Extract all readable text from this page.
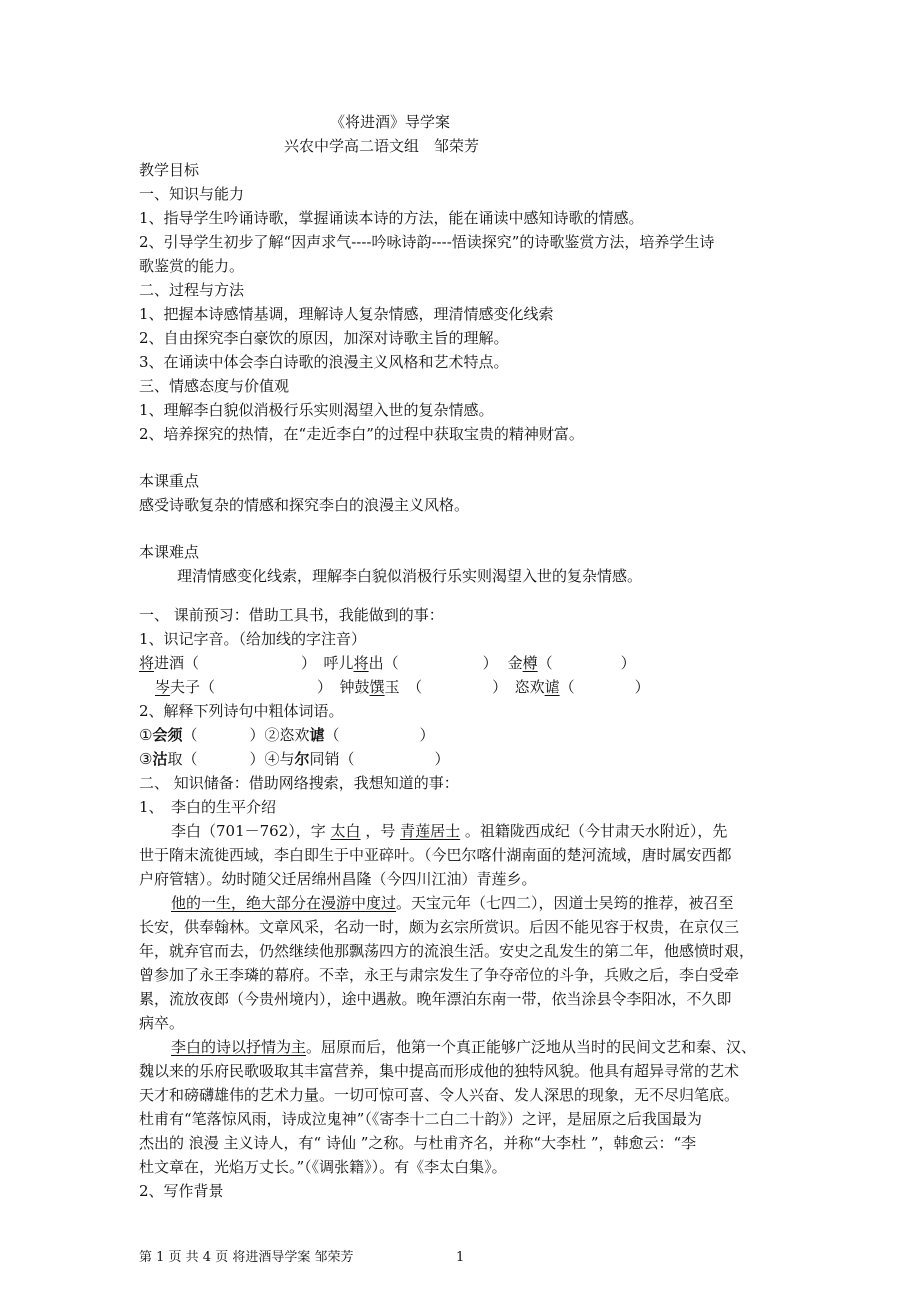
《将进酒》导学案
兴农中学高二语文组　邹荣芳
教学目标
一、知识与能力
1、指导学生吟诵诗歌，掌握诵读本诗的方法，能在诵读中感知诗歌的情感。
2、引导学生初步了解“因声求气----吟咏诗韵----悟读探究”的诗歌鉴赏方法，培养学生诗
歌鉴赏的能力。
二、过程与方法
1、把握本诗感情基调，理解诗人复杂情感，理清情感变化线索
2、自由探究李白豪饮的原因，加深对诗歌主旨的理解。
3、在诵读中体会李白诗歌的浪漫主义风格和艺术特点。
三、情感态度与价值观
1、理解李白貌似消极行乐实则渴望入世的复杂情感。
2、培养探究的热情，在“走近李白”的过程中获取宝贵的精神财富。
本课重点
感受诗歌复杂的情感和探究李白的浪漫主义风格。
本课难点
理清情感变化线索，理解李白貌似消极行乐实则渴望入世的复杂情感。
一、 课前预习：借助工具书，我能做到的事：
1、识记字音。（给加线的字注音）
将进酒（	）　呼儿将出（	） 金樽（	）
岑夫子（	）　钟鼓馔玉　（	）　恣欢谑（	）
2、解释下列诗句中粗体词语。
①会须（	）②恣欢谑（	）
③沽取（	）④与尔同销（	）
二、 知识储备：借助网络搜索，我想知道的事：
1、　李白的生平介绍
李白（701－762），字 太白 ，号 青莲居士 。祖籍陇西成纪（今甘肃天水附近），先
世于隋末流徙西域，李白即生于中亚碎叶。（今巴尔喀什湖南面的楚河流域，唐时属安西都
户府管辖）。幼时随父迁居绵州昌隆（今四川江油）青莲乡。
他的一生，绝大部分在漫游中度过。天宝元年（七四二），因道士吴筠的推荐，被召至
长安，供奉翰林。文章风采，名动一时，颇为玄宗所赏识。后因不能见容于权贵，在京仅三
年，就弃官而去，仍然继续他那飘荡四方的流浪生活。安史之乱发生的第二年，他感愤时艰，
曾参加了永王李璘的幕府。不幸，永王与肃宗发生了争夺帝位的斗争，兵败之后，李白受牵
累，流放夜郎（今贵州境内），途中遇赦。晚年漂泊东南一带，依当涂县令李阳冰，不久即
病卒。
李白的诗以抒情为主。屈原而后，他第一个真正能够广泛地从当时的民间文艺和秦、汉、
魏以来的乐府民歌吸取其丰富营养，集中提高而形成他的独特风貌。他具有超异寻常的艺术
天才和磅礴雄伟的艺术力量。一切可惊可喜、令人兴奋、发人深思的现象，无不尽归笔底。
杜甫有“笔落惊风雨，诗成泣鬼神”（《寄李十二白二十韵》）之评，是屈原之后我国最为
杰出的 浪漫 主义诗人，有“ 诗仙 ”之称。与杜甫齐名，并称“大李杜 ”，韩愈云：“李
杜文章在，光焰万丈长。”（《调张籍》）。有《李太白集》。
2、写作背景
第 1 页 共 4 页 将进酒导学案 邹荣芳	1
